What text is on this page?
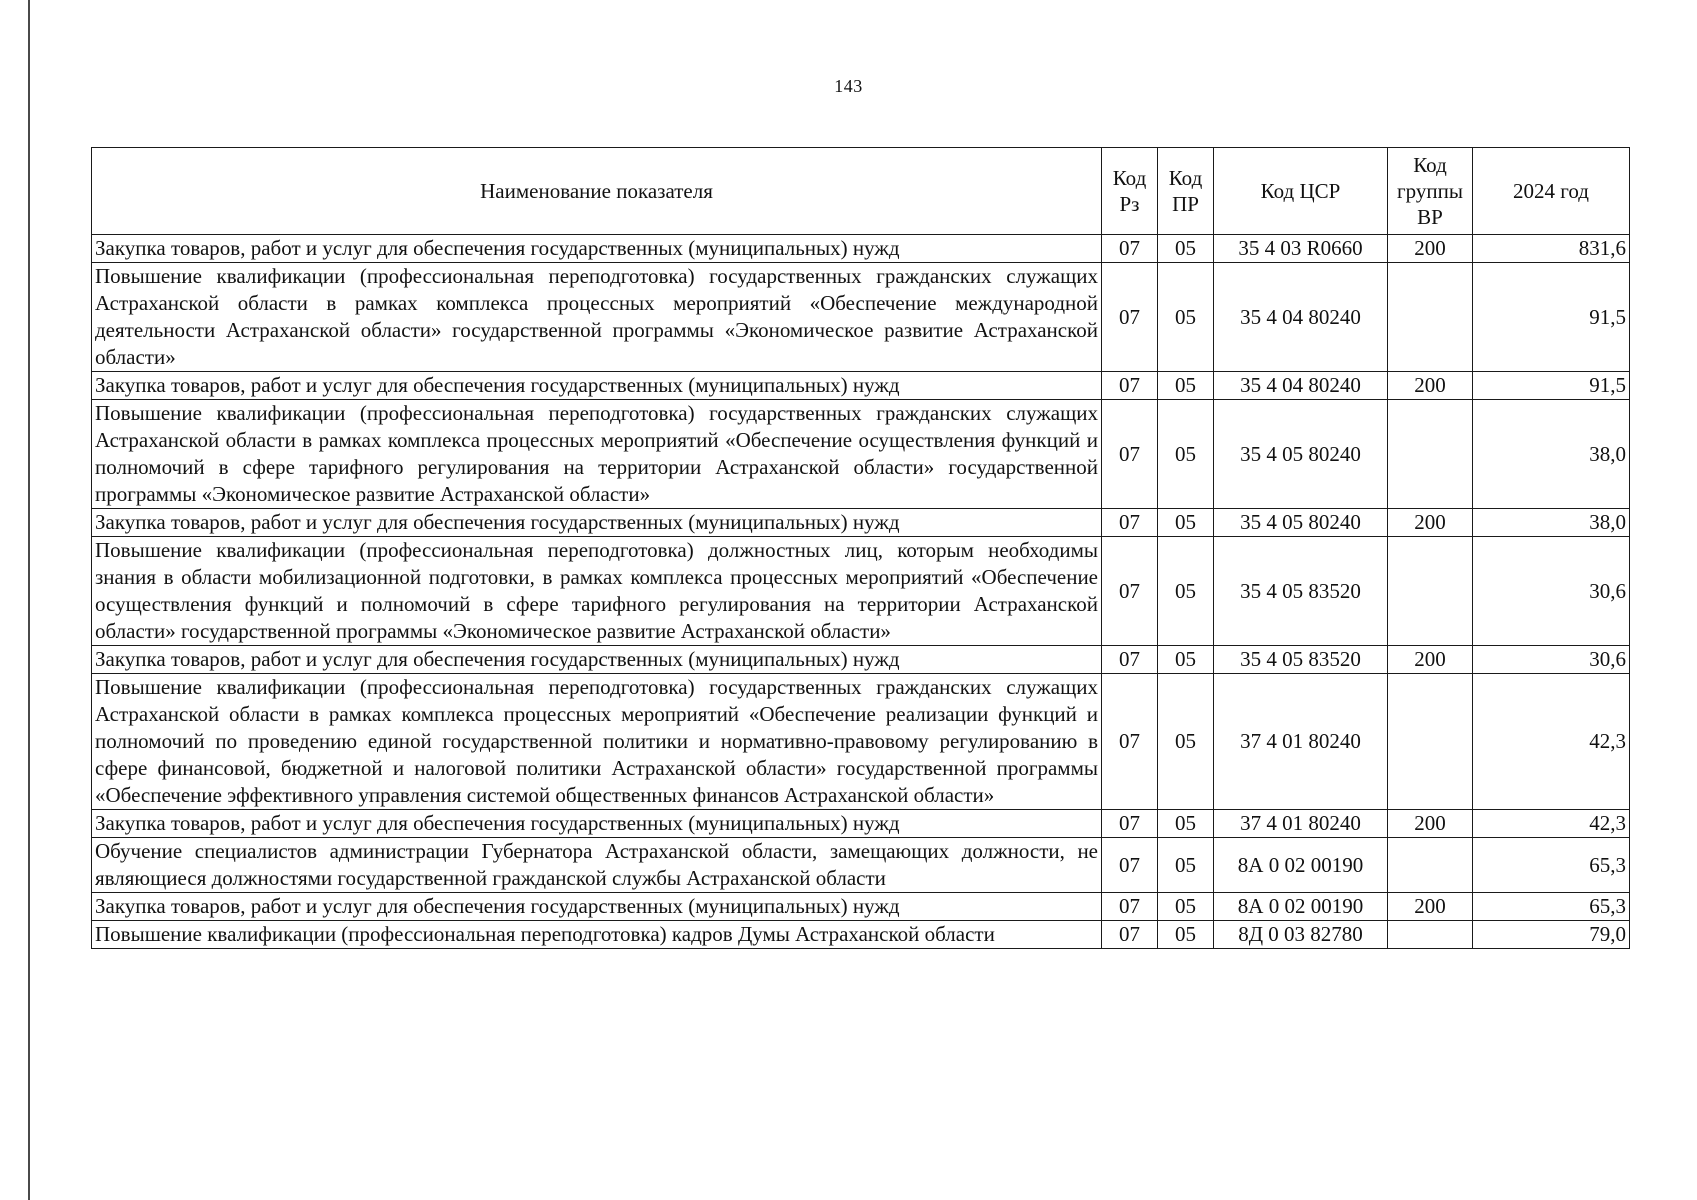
143
Наименование показателя	Код Рз	Код ПР	Код ЦСР	Код группы ВР	2024 год
Закупка товаров, работ и услуг для обеспечения государственных (муниципальных) нужд	07	05	35 4 03 R0660	200	831,6
Повышение квалификации (профессиональная переподготовка) государственных гражданских служащих Астраханской области в рамках комплекса процессных мероприятий «Обеспечение международной деятельности Астраханской области» государственной программы «Экономическое развитие Астраханской области»	07	05	35 4 04 80240		91,5
Закупка товаров, работ и услуг для обеспечения государственных (муниципальных) нужд	07	05	35 4 04 80240	200	91,5
Повышение квалификации (профессиональная переподготовка) государственных гражданских служащих Астраханской области в рамках комплекса процессных мероприятий «Обеспечение осуществления функций и полномочий в сфере тарифного регулирования на территории Астраханской области» государственной программы «Экономическое развитие Астраханской области»	07	05	35 4 05 80240		38,0
Закупка товаров, работ и услуг для обеспечения государственных (муниципальных) нужд	07	05	35 4 05 80240	200	38,0
Повышение квалификации (профессиональная переподготовка) должностных лиц, которым необходимы знания в области мобилизационной подготовки, в рамках комплекса процессных мероприятий «Обеспечение осуществления функций и полномочий в сфере тарифного регулирования на территории Астраханской области» государственной программы «Экономическое развитие Астраханской области»	07	05	35 4 05 83520		30,6
Закупка товаров, работ и услуг для обеспечения государственных (муниципальных) нужд	07	05	35 4 05 83520	200	30,6
Повышение квалификации (профессиональная переподготовка) государственных гражданских служащих Астраханской области в рамках комплекса процессных мероприятий «Обеспечение реализации функций и полномочий по проведению единой государственной политики и нормативно-правовому регулированию в сфере финансовой, бюджетной и налоговой политики Астраханской области» государственной программы «Обеспечение эффективного управления системой общественных финансов Астраханской области»	07	05	37 4 01 80240		42,3
Закупка товаров, работ и услуг для обеспечения государственных (муниципальных) нужд	07	05	37 4 01 80240	200	42,3
Обучение специалистов администрации Губернатора Астраханской области, замещающих должности, не являющиеся должностями государственной гражданской службы Астраханской области	07	05	8А 0 02 00190		65,3
Закупка товаров, работ и услуг для обеспечения государственных (муниципальных) нужд	07	05	8А 0 02 00190	200	65,3
Повышение квалификации (профессиональная переподготовка) кадров Думы Астраханской области	07	05	8Д 0 03 82780		79,0
